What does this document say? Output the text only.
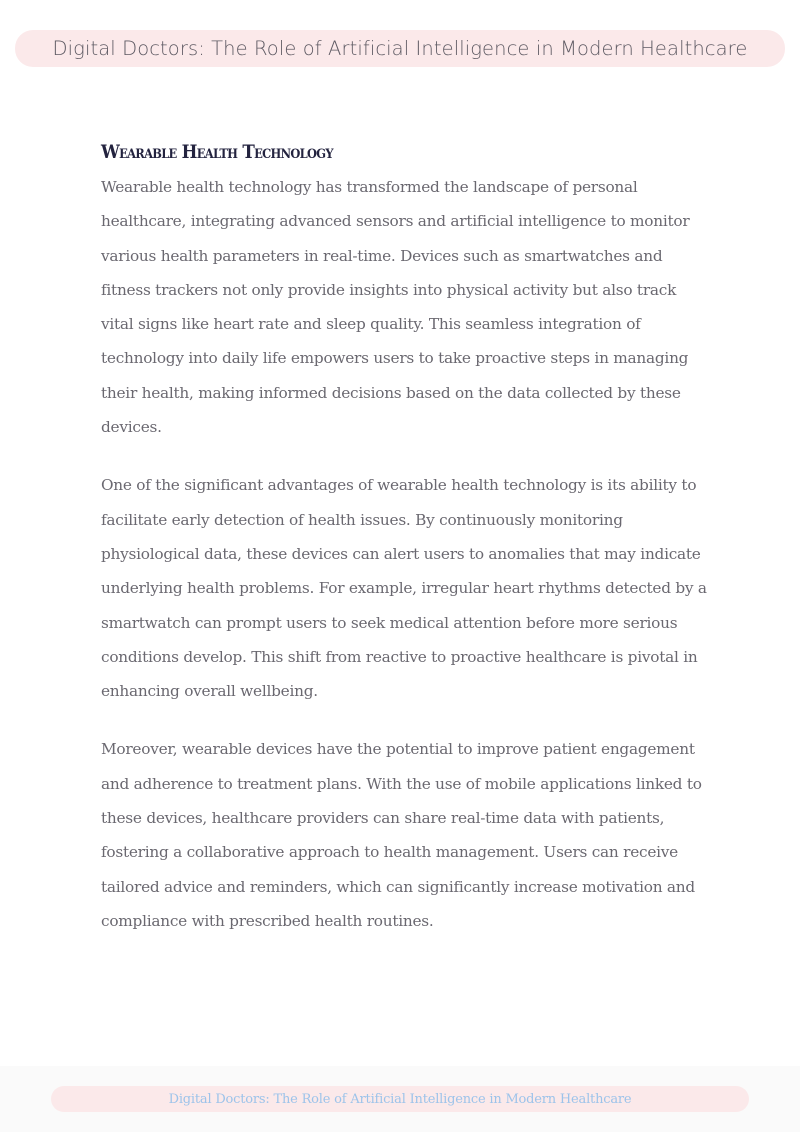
Digital Doctors: The Role of Artificial Intelligence in Modern Healthcare
Wearable Health Technology

Wearable health technology has transformed the landscape of personal healthcare, integrating advanced sensors and artificial intelligence to monitor various health parameters in real-time. Devices such as smartwatches and fitness trackers not only provide insights into physical activity but also track vital signs like heart rate and sleep quality. This seamless integration of technology into daily life empowers users to take proactive steps in managing their health, making informed decisions based on the data collected by these devices.

One of the significant advantages of wearable health technology is its ability to facilitate early detection of health issues. By continuously monitoring physiological data, these devices can alert users to anomalies that may indicate underlying health problems. For example, irregular heart rhythms detected by a smartwatch can prompt users to seek medical attention before more serious conditions develop. This shift from reactive to proactive healthcare is pivotal in enhancing overall wellbeing.

Moreover, wearable devices have the potential to improve patient engagement and adherence to treatment plans. With the use of mobile applications linked to these devices, healthcare providers can share real-time data with patients, fostering a collaborative approach to health management. Users can receive tailored advice and reminders, which can significantly increase motivation and compliance with prescribed health routines.

Digital Doctors: The Role of Artificial Intelligence in Modern Healthcare
